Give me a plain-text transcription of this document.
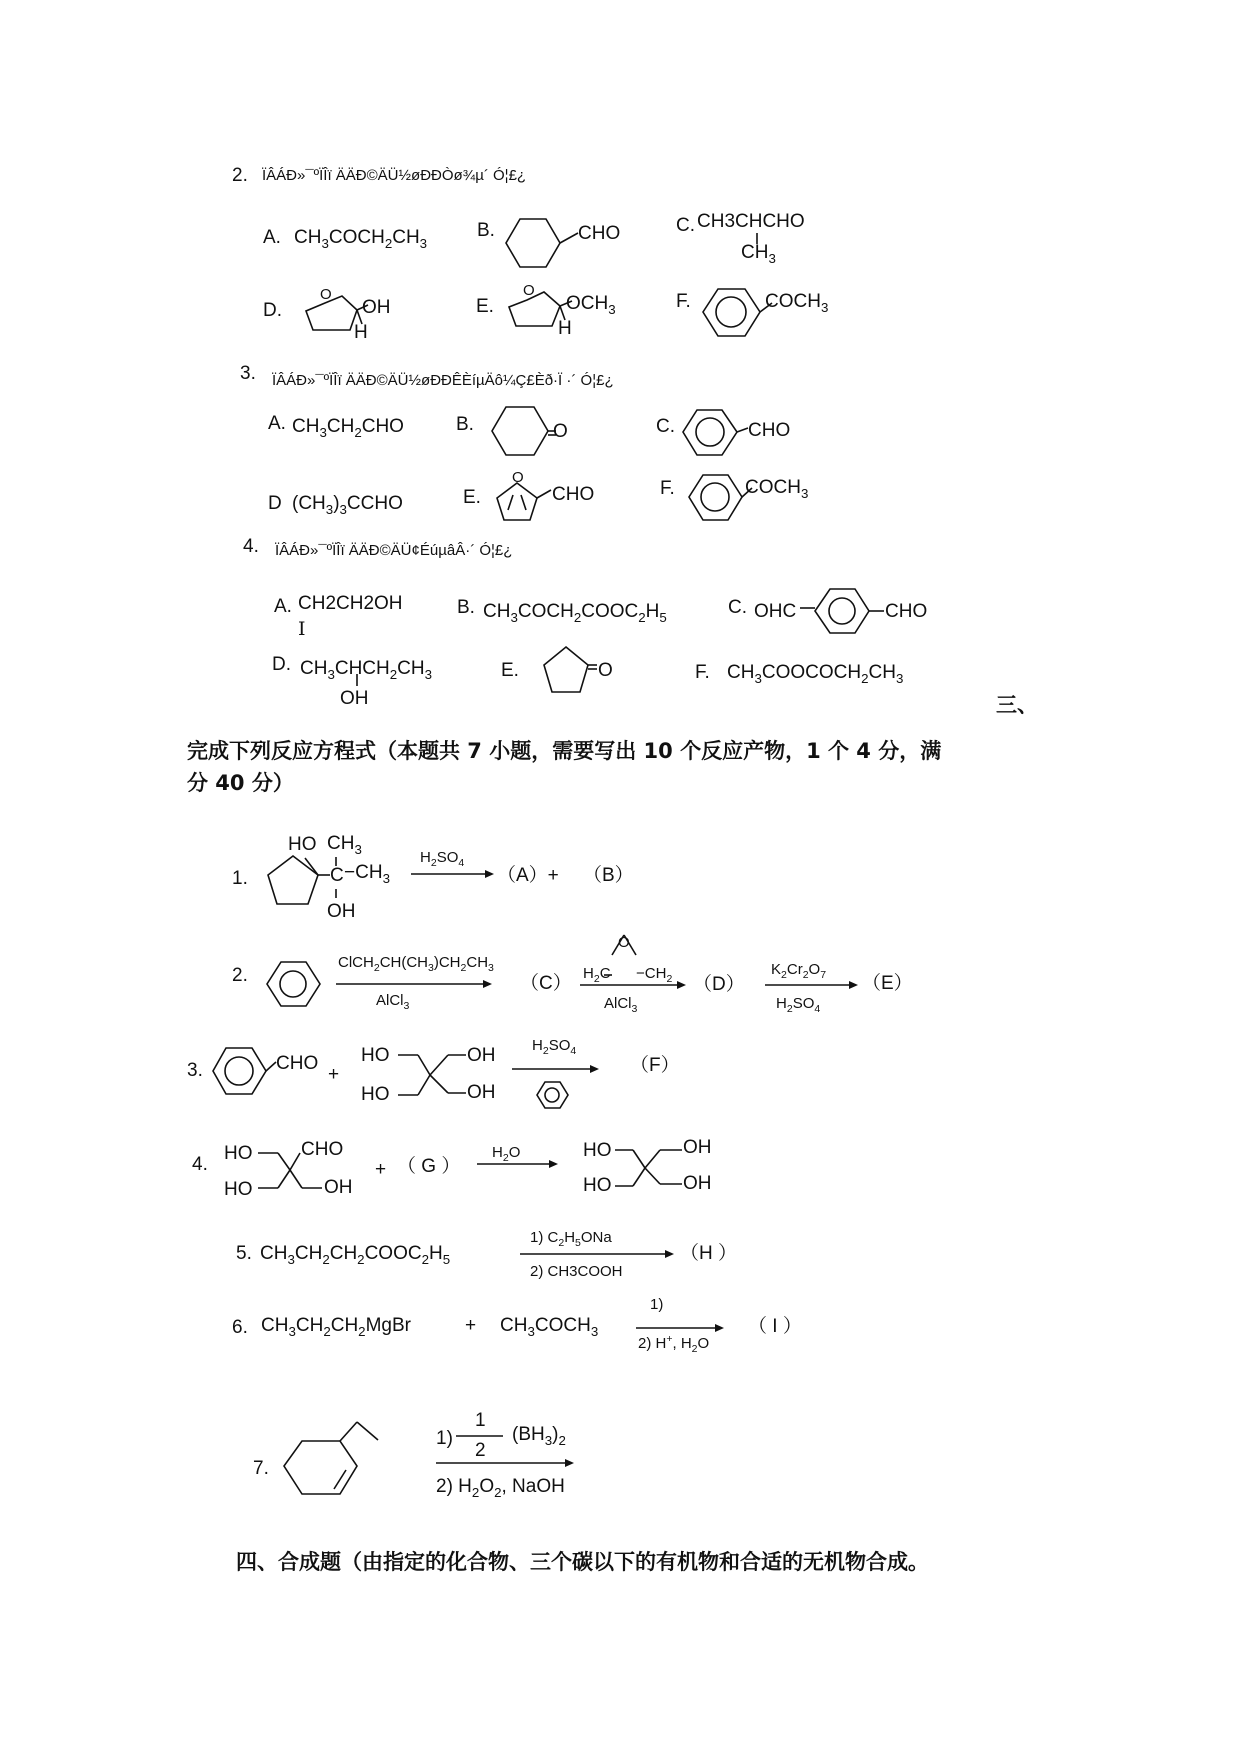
2. ÏÂÁÐ»¯ºÏÎï ÄÄÐ©ÄÜ½øÐÐÒø¾µ´ Ó¦£¿
A. $CH_3COCH_2CH_3$
B.	CHO	C. CH3CHCHO
$CH_3$
D.
O
OH
H
E.
O
$OCH_3$
H
F.	$COCH_3$
3. ÏÂÁÐ»¯ºÏÎï ÄÄÐ©ÄÜ½øÐÐÊÈíµÄô¼Ç£Èð·Ï ·´ Ó¦£¿
A. $CH_3CH_2CHO$	B.	O	C.	CHO
D $(CH_3)_3CCHO$	E.
O
CHO	F.	$COCH_3$
4. ÏÂÁÐ»¯ºÏÎï ÄÄÐ©ÄÜ¢ÉúµâÂ·´ Ó¦£¿
A. CH2CH2OH
I
B. $CH_3COCH_2COOC_2H_5$	C. OHC	CHO
D. $CH_3CHCH_2CH_3$
OH
E.	O	F. $CH_3COOCOCH_2CH_3$
三、
完成下列反应方程式（本题共 7 小题，需要写出 10 个反应产物，1 个 4 分，满
分 40 分）
1.
HO $CH_3$
$C -CH_3$
OH
$H_2SO_4$
（A）+ （B）
2.
$ClCH_2CH(CH_3)CH_2CH_3$
AlCl$_3$
（C）
O
$H_2C -CH_2$
AlCl$_3$
（D）
$K_2Cr_2O_7$
$H_2SO_4$
（E）
3.	CHO
+
HO	OH
HO	OH
$H_2SO_4$
（F）
4.
HO	CHO
HO	OH
+ （ G ）
$H_2O$	HO	OH
HO	OH
5. $CH_3CH_2CH_2COOC_2H_5$
1) $C_2H_5ONa$
2) CH3COOH
（H ）
6. $CH_3CH_2CH_2MgBr$	+ $CH_3COCH_3$
1)
2) H+, $H_2O$
（ I ）
7.
1)
1
2
$(BH_3)_2$
2) $H_2O_2$, NaOH
四、合成题（由指定的化合物、三个碳以下的有机物和合适的无机物合成。
